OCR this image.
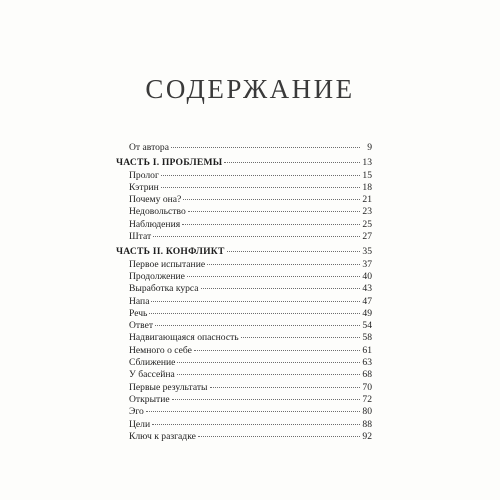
СОДЕРЖАНИЕ
От автора	9
ЧАСТЬ I. ПРОБЛЕМЫ	13
Пролог	15
Кэтрин	18
Почему она?	21
Недовольство	23
Наблюдения	25
Штат	27
ЧАСТЬ II. КОНФЛИКТ	35
Первое испытание	37
Продолжение	40
Выработка курса	43
Напа	47
Речь	49
Ответ	54
Надвигающаяся опасность	58
Немного о себе	61
Сближение	63
У бассейна	68
Первые результаты	70
Открытие	72
Эго	80
Цели	88
Ключ к разгадке	92
